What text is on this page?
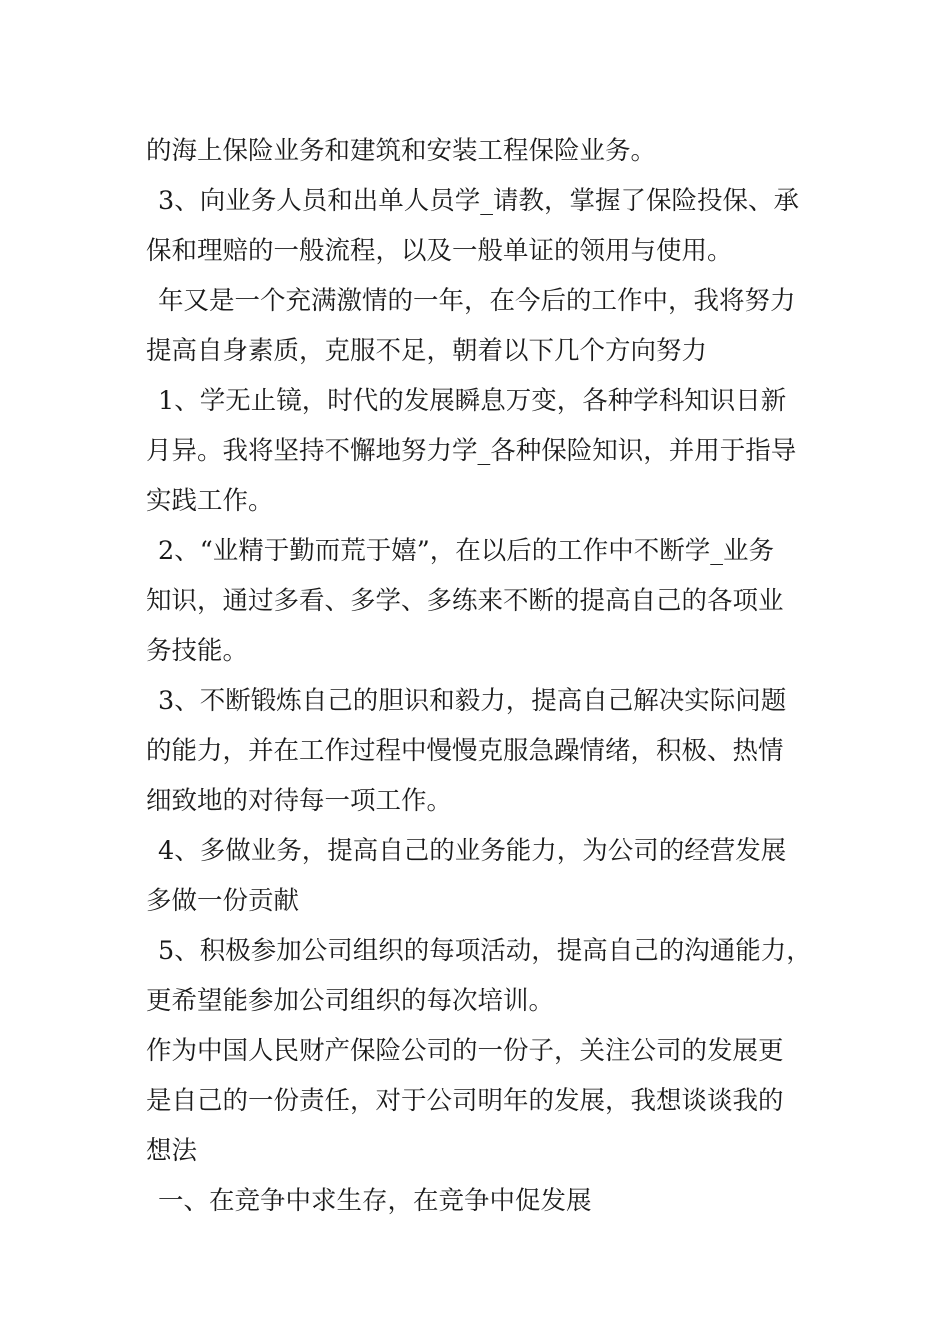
的海上保险业务和建筑和安装工程保险业务。
3、向业务人员和出单人员学_请教，掌握了保险投保、承
保和理赔的一般流程，以及一般单证的领用与使用。
年又是一个充满激情的一年，在今后的工作中，我将努力
提高自身素质，克服不足，朝着以下几个方向努力
1、学无止镜，时代的发展瞬息万变，各种学科知识日新
月异。我将坚持不懈地努力学_各种保险知识，并用于指导
实践工作。
2、“业精于勤而荒于嬉”，在以后的工作中不断学_业务
知识，通过多看、多学、多练来不断的提高自己的各项业
务技能。
3、不断锻炼自己的胆识和毅力，提高自己解决实际问题
的能力，并在工作过程中慢慢克服急躁情绪，积极、热情
细致地的对待每一项工作。
4、多做业务，提高自己的业务能力，为公司的经营发展
多做一份贡献
5、积极参加公司组织的每项活动，提高自己的沟通能力，
更希望能参加公司组织的每次培训。
作为中国人民财产保险公司的一份子，关注公司的发展更
是自己的一份责任，对于公司明年的发展，我想谈谈我的
想法
一、在竞争中求生存，在竞争中促发展
